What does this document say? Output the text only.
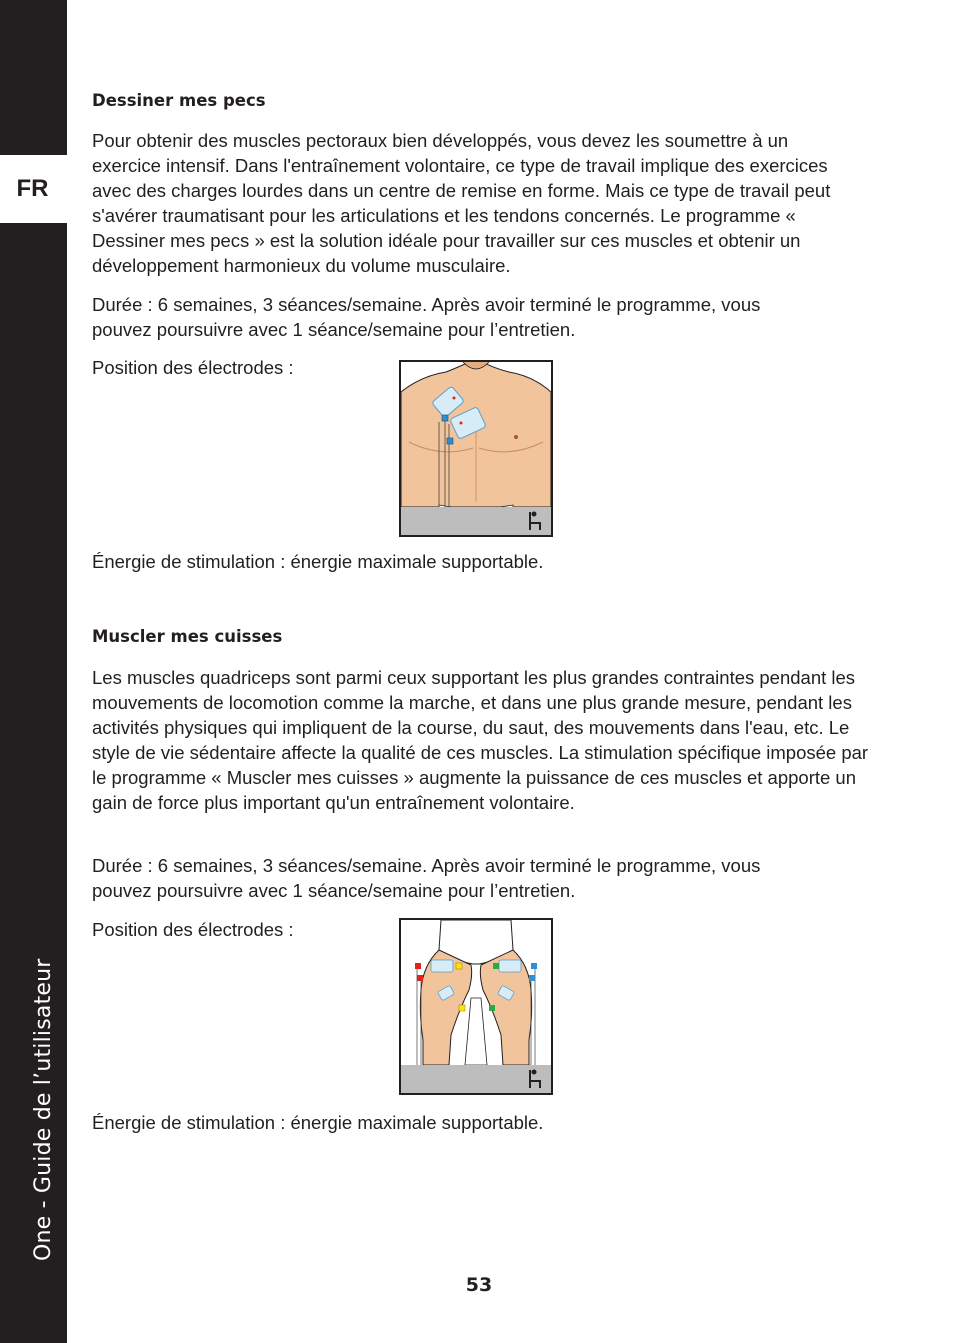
FR
One - Guide de l’utilisateur
Dessiner mes pecs

Pour obtenir des muscles pectoraux bien développés, vous devez les soumettre à un exercice intensif. Dans l'entraînement volontaire, ce type de travail implique des exercices avec des charges lourdes dans un centre de remise en forme. Mais ce type de travail peut s'avérer traumatisant pour les articulations et les tendons concernés. Le programme « Dessiner mes pecs » est la solution idéale pour travailler sur ces muscles et obtenir un développement harmonieux du volume musculaire.

Durée : 6 semaines, 3 séances/semaine. Après avoir terminé le programme, vous pouvez poursuivre avec 1 séance/semaine pour l’entretien.

Position des électrodes :

Énergie de stimulation : énergie maximale supportable.

Muscler mes cuisses

Les muscles quadriceps sont parmi ceux supportant les plus grandes contraintes pendant les mouvements de locomotion comme la marche, et dans une plus grande mesure, pendant les activités physiques qui impliquent de la course, du saut, des mouvements dans l'eau, etc. Le style de vie sédentaire affecte la qualité de ces muscles. La stimulation spécifique imposée par le programme « Muscler mes cuisses » augmente la puissance de ces muscles et apporte un gain de force plus important qu'un entraînement volontaire.

Durée : 6 semaines, 3 séances/semaine. Après avoir terminé le programme, vous pouvez poursuivre avec 1 séance/semaine pour l’entretien.

Position des électrodes :

Énergie de stimulation : énergie maximale supportable.

53
